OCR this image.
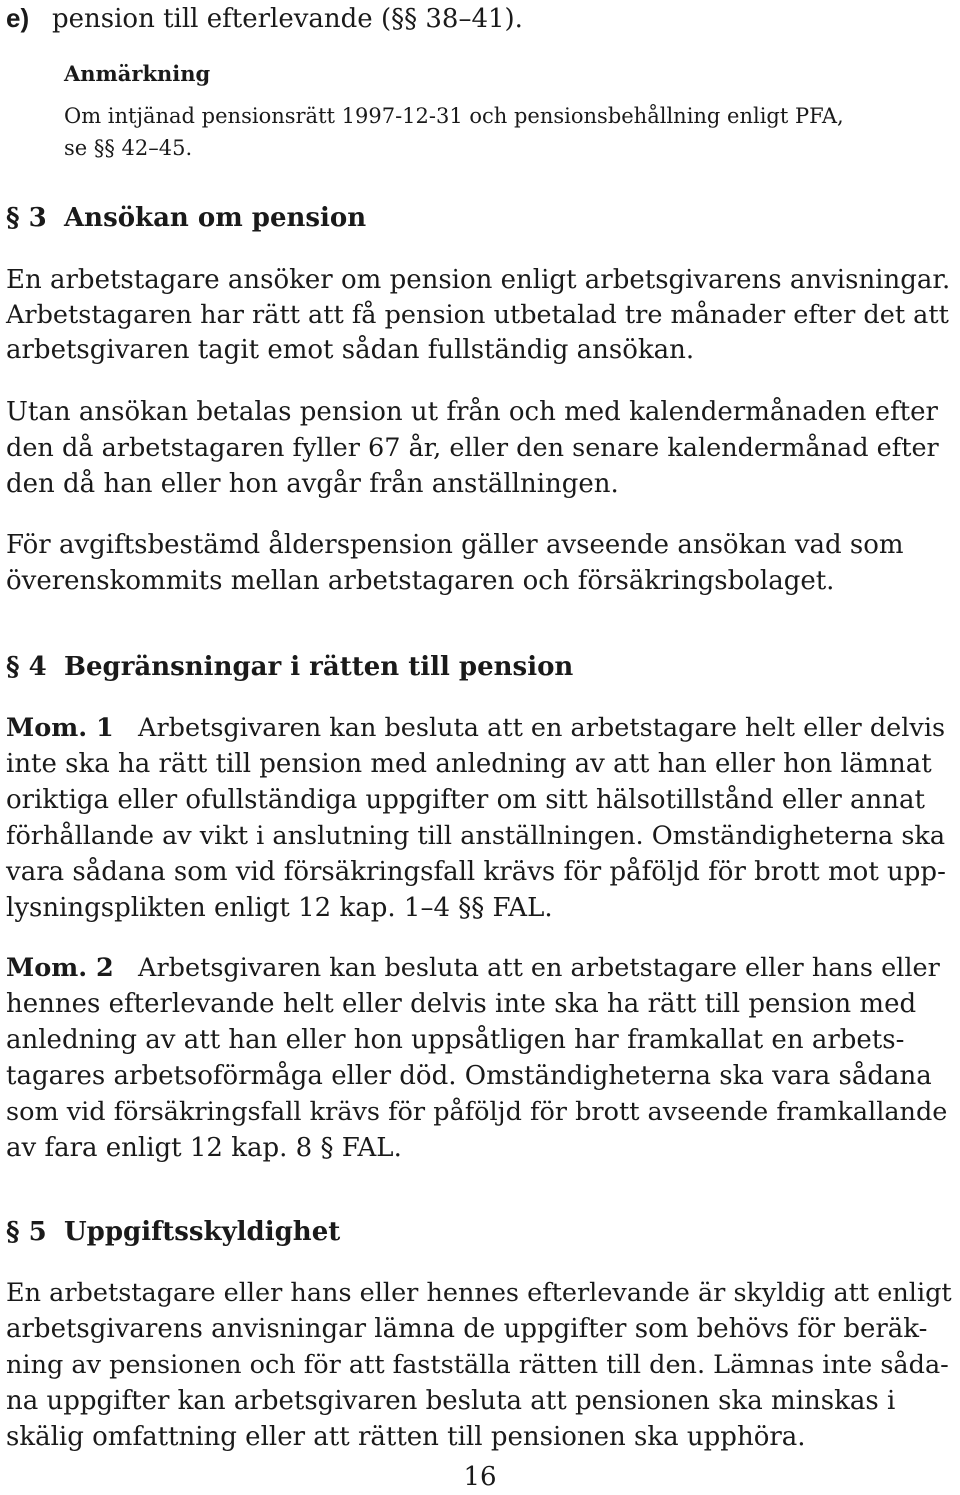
e) pension till efterlevande (§§ 38–41).
Anmärkning
Om intjänad pensionsrätt 1997-12-31 och pensionsbehållning enligt PFA,
se §§ 42–45.
§ 3 Ansökan om pension
En arbetstagare ansöker om pension enligt arbetsgivarens anvisningar.
Arbetstagaren har rätt att få pension utbetalad tre månader efter det att
arbetsgivaren tagit emot sådan fullständig ansökan.
Utan ansökan betalas pension ut från och med kalendermånaden efter
den då arbetstagaren fyller 67 år, eller den senare kalendermånad efter
den då han eller hon avgår från anställningen.
För avgiftsbestämd ålderspension gäller avseende ansökan vad som
överenskommits mellan arbetstagaren och försäkringsbolaget.
§ 4 Begränsningar i rätten till pension
Mom. 1 Arbetsgivaren kan besluta att en arbetstagare helt eller delvis
inte ska ha rätt till pension med anledning av att han eller hon lämnat
oriktiga eller ofullständiga uppgifter om sitt hälsotillstånd eller annat
förhållande av vikt i anslutning till anställningen. Omständigheterna ska
vara sådana som vid försäkringsfall krävs för påföljd för brott mot upp-
lysningsplikten enligt 12 kap. 1–4 §§ FAL.
Mom. 2 Arbetsgivaren kan besluta att en arbetstagare eller hans eller
hennes efterlevande helt eller delvis inte ska ha rätt till pension med
anledning av att han eller hon uppsåtligen har framkallat en arbets-
tagares arbetsoförmåga eller död. Omständigheterna ska vara sådana
som vid försäkringsfall krävs för påföljd för brott avseende framkallande
av fara enligt 12 kap. 8 § FAL.
§ 5 Uppgiftsskyldighet
En arbetstagare eller hans eller hennes efterlevande är skyldig att enligt
arbetsgivarens anvisningar lämna de uppgifter som behövs för beräk-
ning av pensionen och för att fastställa rätten till den. Lämnas inte såda-
na uppgifter kan arbetsgivaren besluta att pensionen ska minskas i
skälig omfattning eller att rätten till pensionen ska upphöra.
16
